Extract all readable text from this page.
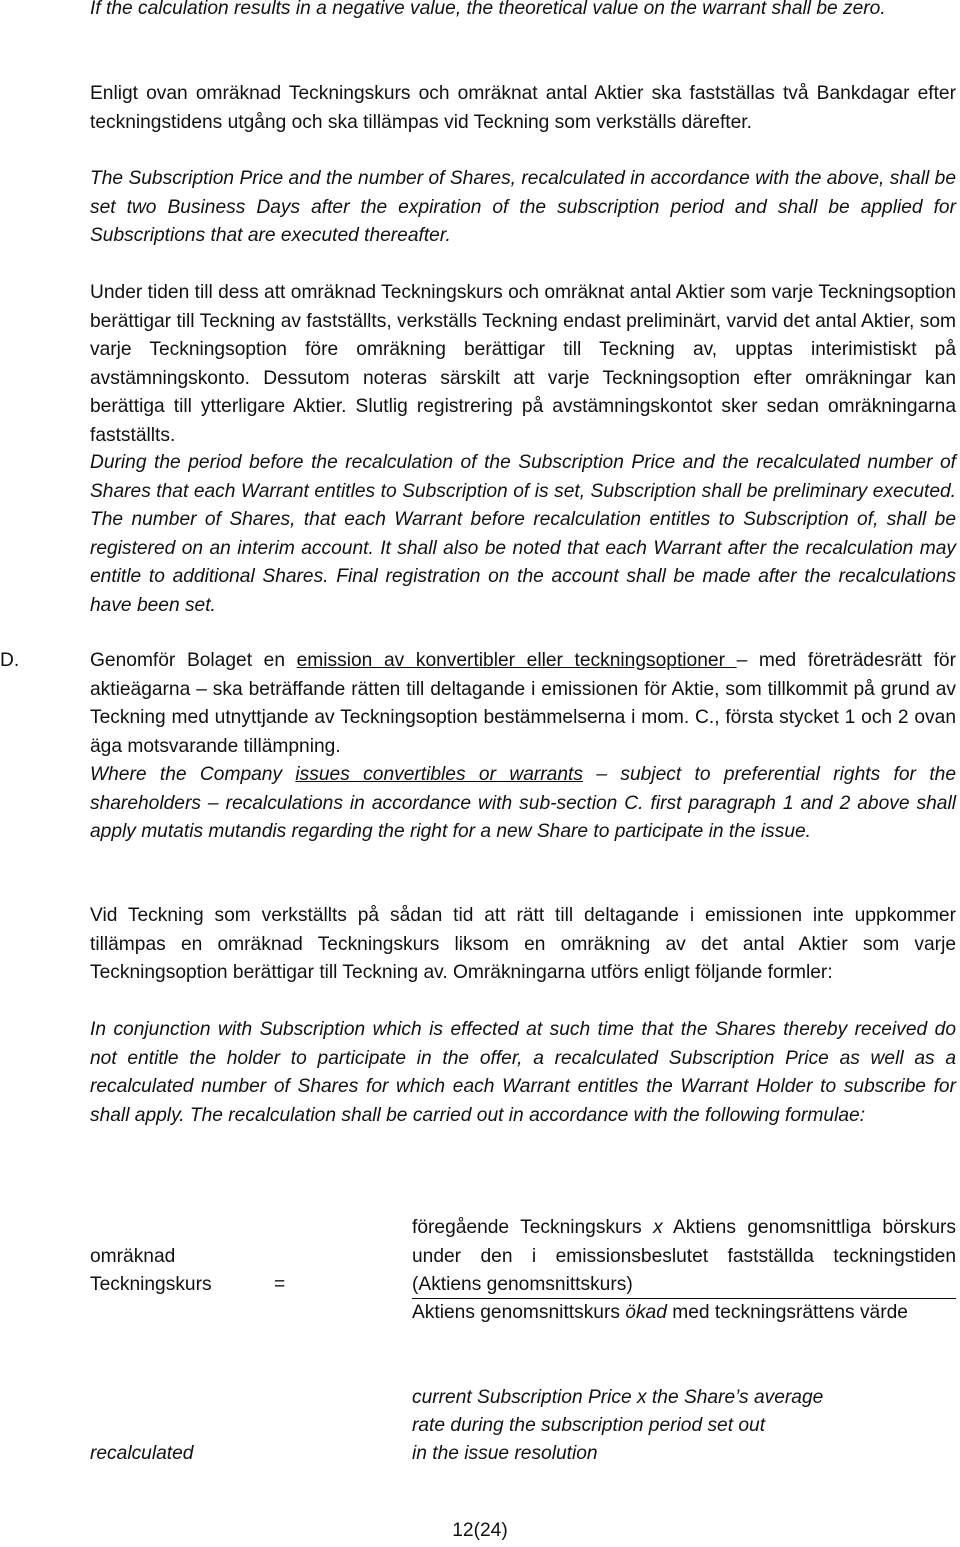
If the calculation results in a negative value, the theoretical value on the warrant shall be zero.

Enligt ovan omräknad Teckningskurs och omräknat antal Aktier ska fastställas två Bankdagar efter teckningstidens utgång och ska tillämpas vid Teckning som verkställs därefter.

The Subscription Price and the number of Shares, recalculated in accordance with the above, shall be set two Business Days after the expiration of the subscription period and shall be applied for Subscriptions that are executed thereafter.

Under tiden till dess att omräknad Teckningskurs och omräknat antal Aktier som varje Teckningsoption berättigar till Teckning av fastställts, verkställs Teckning endast preliminärt, varvid det antal Aktier, som varje Teckningsoption före omräkning berättigar till Teckning av, upptas interimistiskt på avstämningskonto. Dessutom noteras särskilt att varje Teckningsoption efter omräkningar kan berättiga till ytterligare Aktier. Slutlig registrering på avstämningskontot sker sedan omräkningarna fastställts.

During the period before the recalculation of the Subscription Price and the recalculated number of Shares that each Warrant entitles to Subscription of is set, Subscription shall be preliminary executed. The number of Shares, that each Warrant before recalculation entitles to Subscription of, shall be registered on an interim account. It shall also be noted that each Warrant after the recalculation may entitle to additional Shares. Final registration on the account shall be made after the recalculations have been set.

D.	Genomför Bolaget en emission av konvertibler eller teckningsoptioner – med företrädesrätt för aktieägarna – ska beträffande rätten till deltagande i emissionen för Aktie, som tillkommit på grund av Teckning med utnyttjande av Teckningsoption bestämmelserna i mom. C., första stycket 1 och 2 ovan äga motsvarande tillämpning.

Where the Company issues convertibles or warrants – subject to preferential rights for the shareholders – recalculations in accordance with sub-section C. first paragraph 1 and 2 above shall apply mutatis mutandis regarding the right for a new Share to participate in the issue.

Vid Teckning som verkställts på sådan tid att rätt till deltagande i emissionen inte uppkommer tillämpas en omräknad Teckningskurs liksom en omräkning av det antal Aktier som varje Teckningsoption berättigar till Teckning av. Omräkningarna utförs enligt följande formler:

In conjunction with Subscription which is effected at such time that the Shares thereby received do not entitle the holder to participate in the offer, a recalculated Subscription Price as well as a recalculated number of Shares for which each Warrant entitles the Warrant Holder to subscribe for shall apply. The recalculation shall be carried out in accordance with the following formulae:

omräknad
Teckningskurs	=

föregående Teckningskurs x Aktiens genomsnittliga börskurs under den i emissionsbeslutet fastställda teckningstiden (Aktiens genomsnittskurs)

Aktiens genomsnittskurs ökad med teckningsrättens värde

current Subscription Price x the Share’s average
rate during the subscription period set out
recalculated	in the issue resolution
12(24)
